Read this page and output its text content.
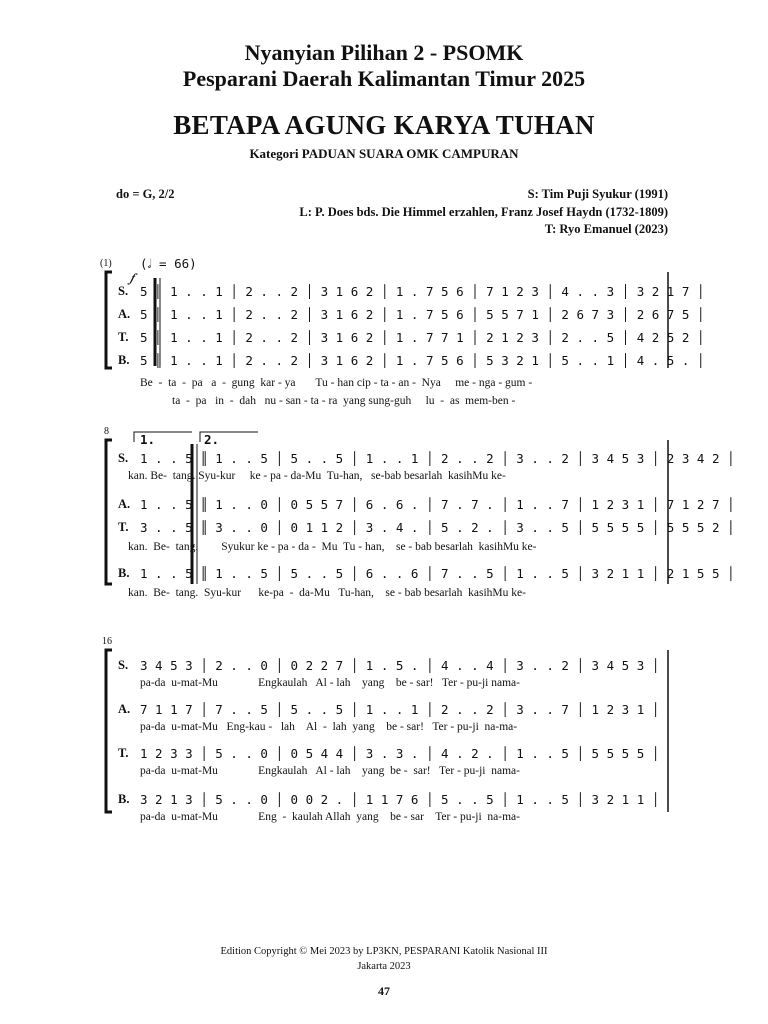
Nyanyian Pilihan 2 - PSOMK
Pesparani Daerah Kalimantan Timur 2025
BETAPA AGUNG KARYA TUHAN
Kategori PADUAN SUARA OMK CAMPURAN
do = G, 2/2	S: Tim Puji Syukur (1991)
L: P. Does bds. Die Himmel erzahlen, Franz Josef Haydn (1732-1809)
T: Ryo Emanuel (2023)
(1) (𝅗𝅥 = 66)
𝆑
S.
A.
T.
B.
5 ║ 1 . . 1 │ 2 . . 2 │ 3 1 6 2 │ 1 . 7 5 6 │ 7 1 2 3 │ 4 . . 3 │ 3 2 1 7 │
5 ║ 1 . . 1 │ 2 . . 2 │ 3 1 6 2 │ 1 . 7 5 6 │ 5 5 7 1 │ 2 6 7 3 │ 2 6 7 5 │
5 ║ 1 . . 1 │ 2 . . 2 │ 3 1 6 2 │ 1 . 7 7 1 │ 2 1 2 3 │ 2 . . 5 │ 4 2 5 2 │
5 ║ 1 . . 1 │ 2 . . 2 │ 3 1 6 2 │ 1 . 7 5 6 │ 5 3 2 1 │ 5 . . 1 │ 4 . 5 . │
Be  -  ta  -  pa   a  -  gung  kar - ya       Tu - han cip - ta - an -  Nya     me - nga - gum -
ta  -  pa   in  -  dah   nu - san - ta - ra  yang sung-guh     lu  -  as  mem-ben -
8
1.	2.
S. 1 . . 5 ║ 1 . . 5 │ 5 . . 5 │ 1 . . 1 │ 2 . . 2 │ 3 . . 2 │ 3 4 5 3 │ 2 3 4 2 │
kan. Be-  tang. Syu-kur     ke - pa - da-Mu  Tu-han,   se-bab besarlah  kasihMu ke-
A. 1 . . 5 ║ 1 . . 0 │ 0 5 5 7 │ 6 . 6 . │ 7 . 7 . │ 1 . . 7 │ 1 2 3 1 │ 7 1 2 7 │
T. 3 . . 5 ║ 3 . . 0 │ 0 1 1 2 │ 3 . 4 . │ 5 . 2 . │ 3 . . 5 │ 5 5 5 5 │ 5 5 5 2 │
kan.  Be-  tang.        Syukur ke - pa - da -  Mu  Tu - han,    se - bab besarlah  kasihMu ke-
B. 1 . . 5 ║ 1 . . 5 │ 5 . . 5 │ 6 . . 6 │ 7 . . 5 │ 1 . . 5 │ 3 2 1 1 │ 2 1 5 5 │
kan.  Be-  tang.  Syu-kur      ke-pa  -  da-Mu   Tu-han,    se - bab besarlah  kasihMu ke-
16
S. 3 4 5 3 │ 2 . . 0 │ 0 2 2 7 │ 1 . 5 . │ 4 . . 4 │ 3 . . 2 │ 3 4 5 3 │
pa-da  u-mat-Mu              Engkaulah   Al - lah    yang    be - sar!   Ter - pu-ji nama-
A. 7 1 1 7 │ 7 . . 5 │ 5 . . 5 │ 1 . . 1 │ 2 . . 2 │ 3 . . 7 │ 1 2 3 1 │
pa-da  u-mat-Mu   Eng-kau -   lah    Al  -  lah  yang    be - sar!   Ter - pu-ji  na-ma-
T. 1 2 3 3 │ 5 . . 0 │ 0 5 4 4 │ 3 . 3 . │ 4 . 2 . │ 1 . . 5 │ 5 5 5 5 │
pa-da  u-mat-Mu              Engkaulah   Al - lah    yang  be -  sar!   Ter - pu-ji  nama-
B. 3 2 1 3 │ 5 . . 0 │ 0 0 2 . │ 1 1 7 6 │ 5 . . 5 │ 1 . . 5 │ 3 2 1 1 │
pa-da  u-mat-Mu              Eng  -  kaulah Allah  yang    be - sar    Ter - pu-ji  na-ma-
Edition Copyright © Mei 2023 by LP3KN, PESPARANI Katolik Nasional III
Jakarta 2023
47
